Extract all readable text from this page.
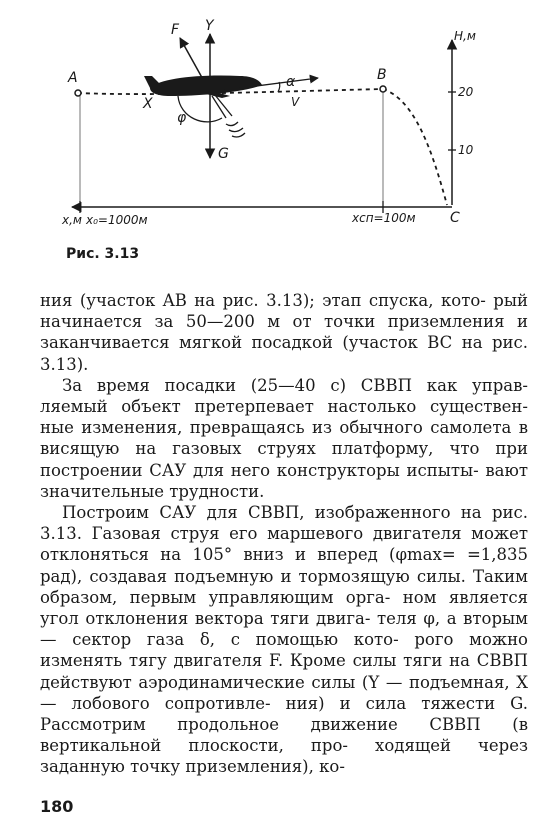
A	B
C
F Y
X
G
φ
α
V
H,м
20
10
x,м x₀=1000м	xсп=100м
Рис. 3.13

ния (участок AB на рис. 3.13); этап спуска, кото- рый начинается за 50—200 м от точки приземления и заканчивается мягкой посадкой (участок BC на рис. 3.13).

За время посадки (25—40 с) СВВП как управ- ляемый объект претерпевает настолько существен- ные изменения, превращаясь из обычного самолета в висящую на газовых струях платформу, что при построении САУ для него конструкторы испыты- вают значительные трудности.

Построим САУ для СВВП, изображенного на рис. 3.13. Газовая струя его маршевого двигателя может отклоняться на 105° вниз и вперед (φmax= =1,835 рад), создавая подъемную и тормозящую силы. Таким образом, первым управляющим орга- ном является угол отклонения вектора тяги двига- теля φ, а вторым — сектор газа δ, с помощью кото- рого можно изменять тягу двигателя F. Кроме силы тяги на СВВП действуют аэродинамические силы (Y — подъемная, X — лобового сопротивле- ния) и сила тяжести G. Рассмотрим продольное движение СВВП (в вертикальной плоскости, про- ходящей через заданную точку приземления), ко-

180
